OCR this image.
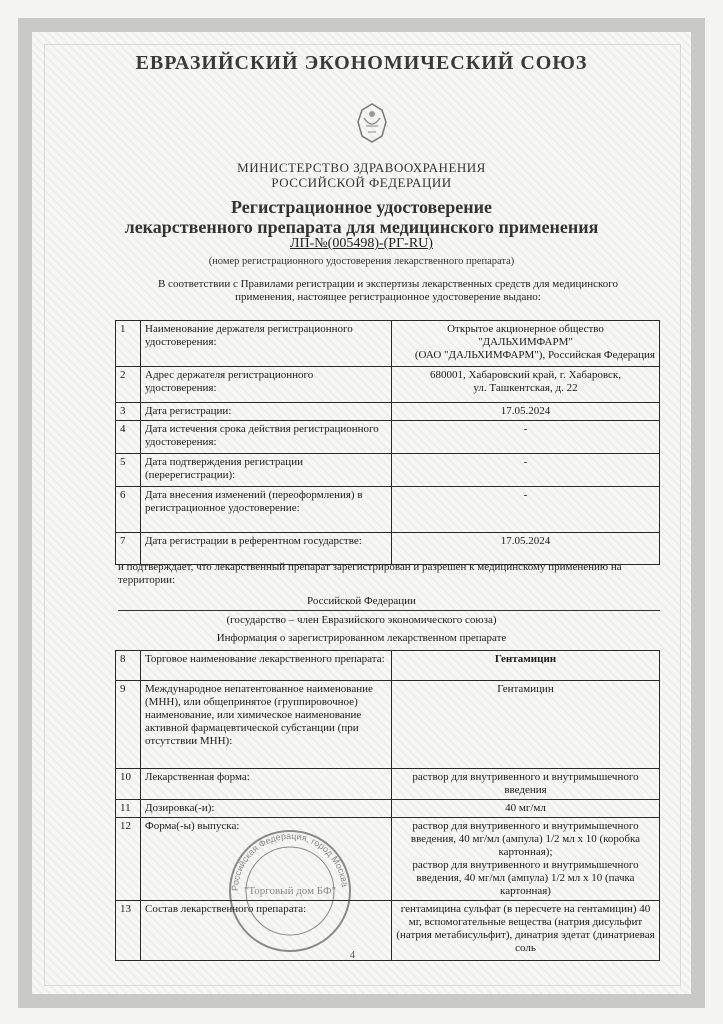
ЕВРАЗИЙСКИЙ ЭКОНОМИЧЕСКИЙ СОЮЗ
МИНИСТЕРСТВО ЗДРАВООХРАНЕНИЯ
РОССИЙСКОЙ ФЕДЕРАЦИИ
Регистрационное удостоверение
лекарственного препарата для медицинского применения
ЛП-№(005498)-(РГ-RU)
(номер регистрационного удостоверения лекарственного препарата)
В соответствии с Правилами регистрации и экспертизы лекарственных средств для медицинского применения, настоящее регистрационное удостоверение выдано:
1	Наименование держателя регистрационного удостоверения:	Открытое акционерное общество
"ДАЛЬХИМФАРМ"
(ОАО "ДАЛЬХИМФАРМ"), Российская Федерация

2	Адрес держателя регистрационного удостоверения:	680001, Хабаровский край, г. Хабаровск,
ул. Ташкентская, д. 22

3	Дата регистрации:	17.05.2024
4	Дата истечения срока действия регистрационного удостоверения:	-
5	Дата подтверждения регистрации (перерегистрации):	-
6	Дата внесения изменений (переоформления) в регистрационное удостоверение:	-
7	Дата регистрации в референтном государстве:	17.05.2024
и подтверждает, что лекарственный препарат зарегистрирован и разрешен к медицинскому применению на территории:
Российской Федерации
(государство – член Евразийского экономического союза)
Информация о зарегистрированном лекарственном препарате
8	Торговое наименование лекарственного препарата:	Гентамицин
9	Международное непатентованное наименование (МНН), или общепринятое (группировочное) наименование, или химическое наименование активной фармацевтической субстанции (при отсутствии МНН):	Гентамицин
10	Лекарственная форма:	раствор для внутривенного и внутримышечного введения
11	Дозировка(-и):	40 мг/мл
12	Форма(-ы) выпуска:	раствор для внутривенного и внутримышечного введения, 40 мг/мл (ампула) 1/2 мл х 10 (коробка картонная);
раствор для внутривенного и внутримышечного введения, 40 мг/мл (ампула) 1/2 мл х 10 (пачка картонная)

13	Состав лекарственного препарата:	гентамицина сульфат (в пересчете на гентамицин) 40 мг, вспомогательные вещества (натрия дисульфит (натрия метабисульфит), динатрия эдетат (динатриевая соль
Российская Федерация, город Москва
"Торговый дом БФ"
4
